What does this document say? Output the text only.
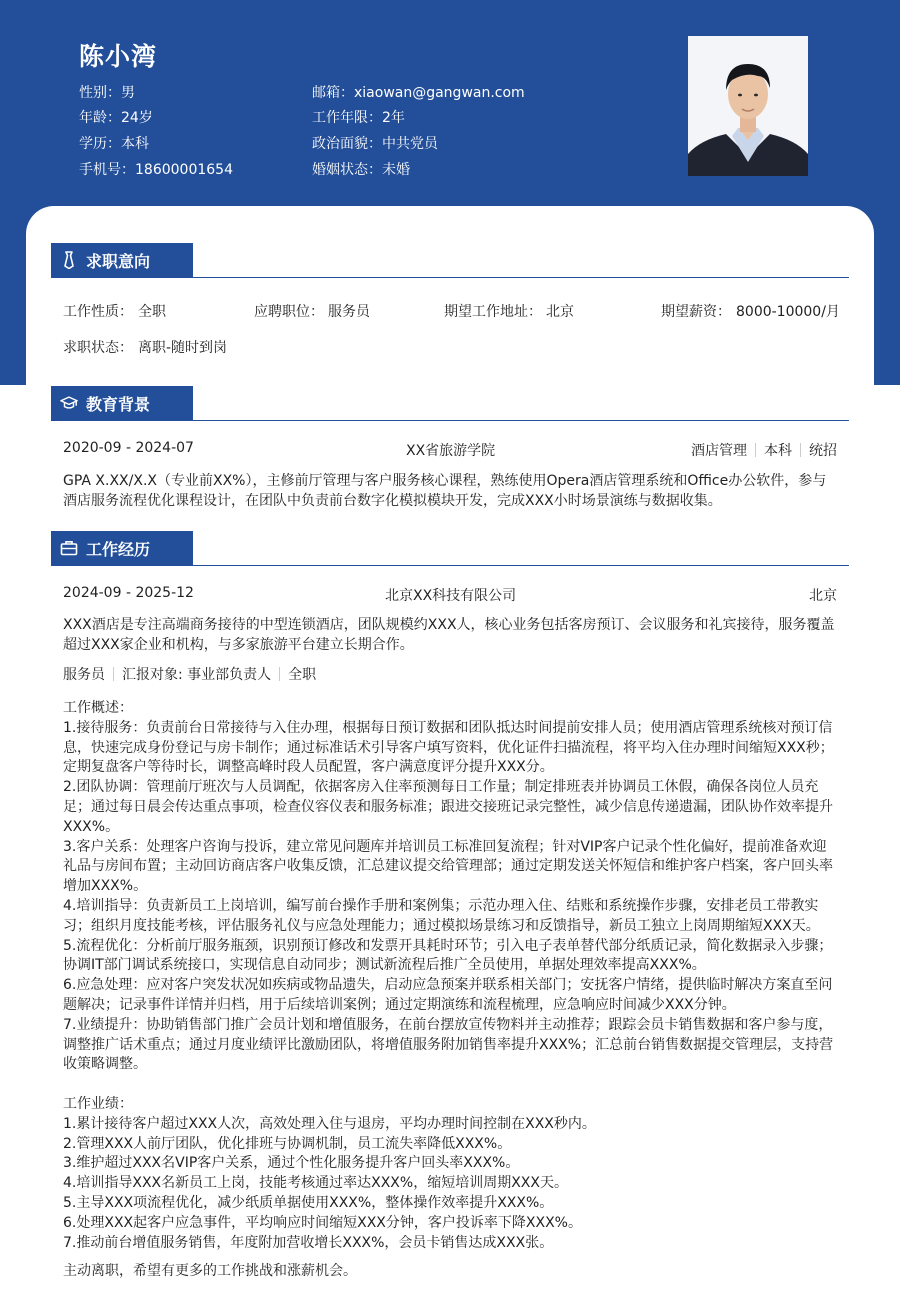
陈小湾
性别：男
年龄：24岁
学历：本科
手机号：18600001654
邮箱：xiaowan@gangwan.com
工作年限：2年
政治面貌：中共党员
婚姻状态：未婚
求职意向
工作性质： 全职	应聘职位： 服务员	期望工作地址： 北京	期望薪资： 8000-10000/月
求职状态： 离职-随时到岗
教育背景
2020-09 - 2024-07	XX省旅游学院	酒店管理 本科 统招

GPA X.XX/X.X（专业前XX%），主修前厅管理与客户服务核心课程，熟练使用Opera酒店管理系统和Office办公软件，参与酒店服务流程优化课程设计，在团队中负责前台数字化模拟模块开发，完成XXX小时场景演练与数据收集。

工作经历
2024-09 - 2025-12	北京XX科技有限公司	北京

XXX酒店是专注高端商务接待的中型连锁酒店，团队规模约XXX人，核心业务包括客房预订、会议服务和礼宾接待，服务覆盖超过XXX家企业和机构，与多家旅游平台建立长期合作。

服务员 汇报对象: 事业部负责人 全职
工作概述：
1.接待服务：负责前台日常接待与入住办理，根据每日预订数据和团队抵达时间提前安排人员；使用酒店管理系统核对预订信息，快速完成身份登记与房卡制作；通过标准话术引导客户填写资料，优化证件扫描流程，将平均入住办理时间缩短XXX秒；定期复盘客户等待时长，调整高峰时段人员配置，客户满意度评分提升XXX分。
2.团队协调：管理前厅班次与人员调配，依据客房入住率预测每日工作量；制定排班表并协调员工休假，确保各岗位人员充足；通过每日晨会传达重点事项，检查仪容仪表和服务标准；跟进交接班记录完整性，减少信息传递遗漏，团队协作效率提升XXX%。
3.客户关系：处理客户咨询与投诉，建立常见问题库并培训员工标准回复流程；针对VIP客户记录个性化偏好，提前准备欢迎礼品与房间布置；主动回访商店客户收集反馈，汇总建议提交给管理部；通过定期发送关怀短信和维护客户档案，客户回头率增加XXX%。
4.培训指导：负责新员工上岗培训，编写前台操作手册和案例集；示范办理入住、结账和系统操作步骤，安排老员工带教实习；组织月度技能考核，评估服务礼仪与应急处理能力；通过模拟场景练习和反馈指导，新员工独立上岗周期缩短XXX天。
5.流程优化：分析前厅服务瓶颈，识别预订修改和发票开具耗时环节；引入电子表单替代部分纸质记录，简化数据录入步骤；协调IT部门调试系统接口，实现信息自动同步；测试新流程后推广全员使用，单据处理效率提高XXX%。
6.应急处理：应对客户突发状况如疾病或物品遗失，启动应急预案并联系相关部门；安抚客户情绪，提供临时解决方案直至问题解决；记录事件详情并归档，用于后续培训案例；通过定期演练和流程梳理，应急响应时间减少XXX分钟。
7.业绩提升：协助销售部门推广会员计划和增值服务，在前台摆放宣传物料并主动推荐；跟踪会员卡销售数据和客户参与度，调整推广话术重点；通过月度业绩评比激励团队，将增值服务附加销售率提升XXX%；汇总前台销售数据提交管理层，支持营收策略调整。
工作业绩：
1.累计接待客户超过XXX人次，高效处理入住与退房，平均办理时间控制在XXX秒内。
2.管理XXX人前厅团队，优化排班与协调机制，员工流失率降低XXX%。
3.维护超过XXX名VIP客户关系，通过个性化服务提升客户回头率XXX%。
4.培训指导XXX名新员工上岗，技能考核通过率达XXX%，缩短培训周期XXX天。
5.主导XXX项流程优化，减少纸质单据使用XXX%，整体操作效率提升XXX%。
6.处理XXX起客户应急事件，平均响应时间缩短XXX分钟，客户投诉率下降XXX%。
7.推动前台增值服务销售，年度附加营收增长XXX%，会员卡销售达成XXX张。
主动离职，希望有更多的工作挑战和涨薪机会。
